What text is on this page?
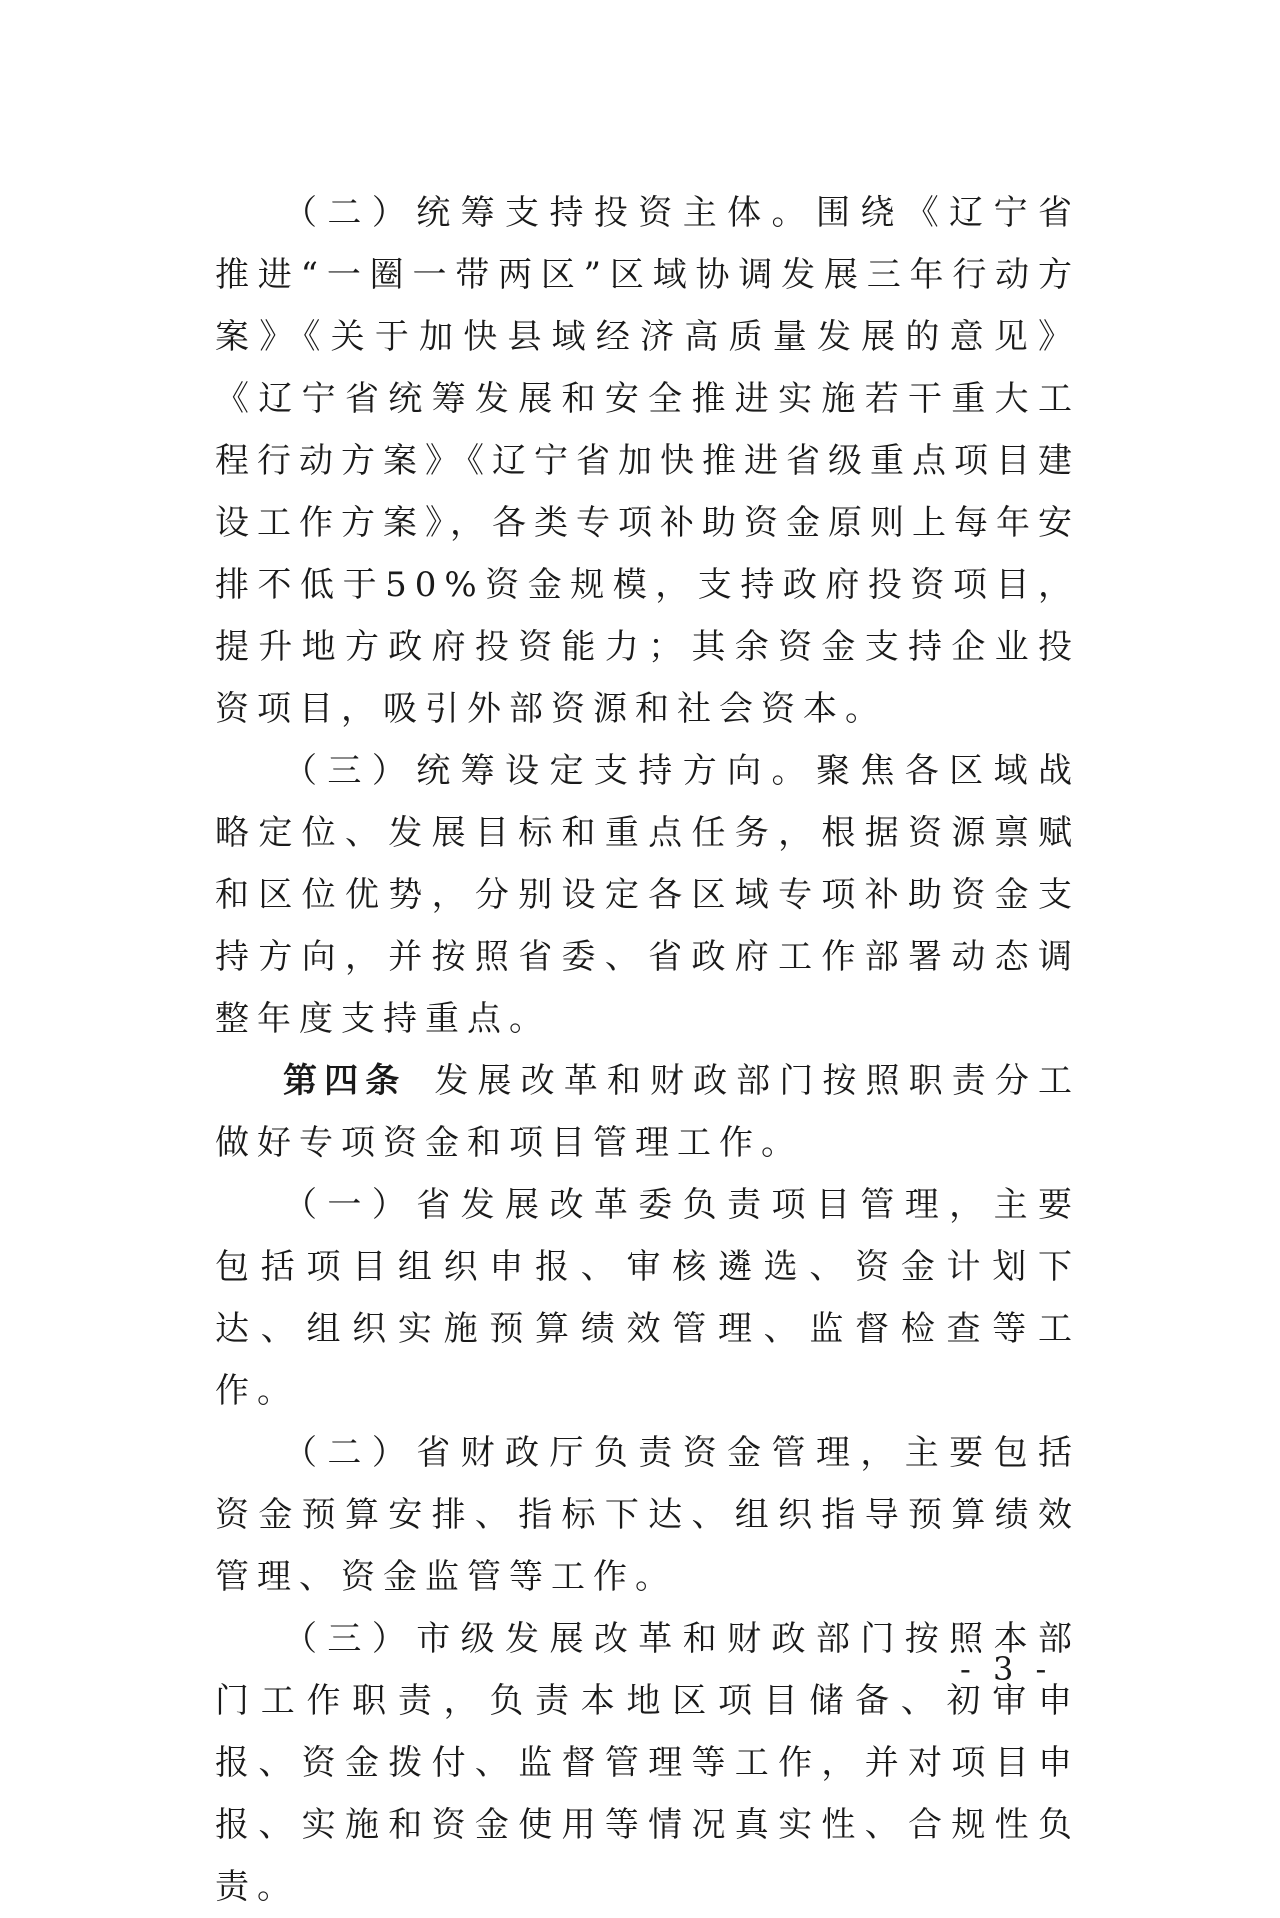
（二）统筹支持投资主体。围绕《辽宁省推进“一圈一带两区”区域协调发展三年行动方案》《关于加快县域经济高质量发展的意见》《辽宁省统筹发展和安全推进实施若干重大工程行动方案》《辽宁省加快推进省级重点项目建设工作方案》，各类专项补助资金原则上每年安排不低于50%资金规模，支持政府投资项目，提升地方政府投资能力；其余资金支持企业投资项目，吸引外部资源和社会资本。

（三）统筹设定支持方向。聚焦各区域战略定位、发展目标和重点任务，根据资源禀赋和区位优势，分别设定各区域专项补助资金支持方向，并按照省委、省政府工作部署动态调整年度支持重点。

第四条 发展改革和财政部门按照职责分工做好专项资金和项目管理工作。

（一）省发展改革委负责项目管理，主要包括项目组织申报、审核遴选、资金计划下达、组织实施预算绩效管理、监督检查等工作。

（二）省财政厅负责资金管理，主要包括资金预算安排、指标下达、组织指导预算绩效管理、资金监管等工作。

（三）市级发展改革和财政部门按照本部门工作职责，负责本地区项目储备、初审申报、资金拨付、监督管理等工作，并对项目申报、实施和资金使用等情况真实性、合规性负责。

- 3 -
